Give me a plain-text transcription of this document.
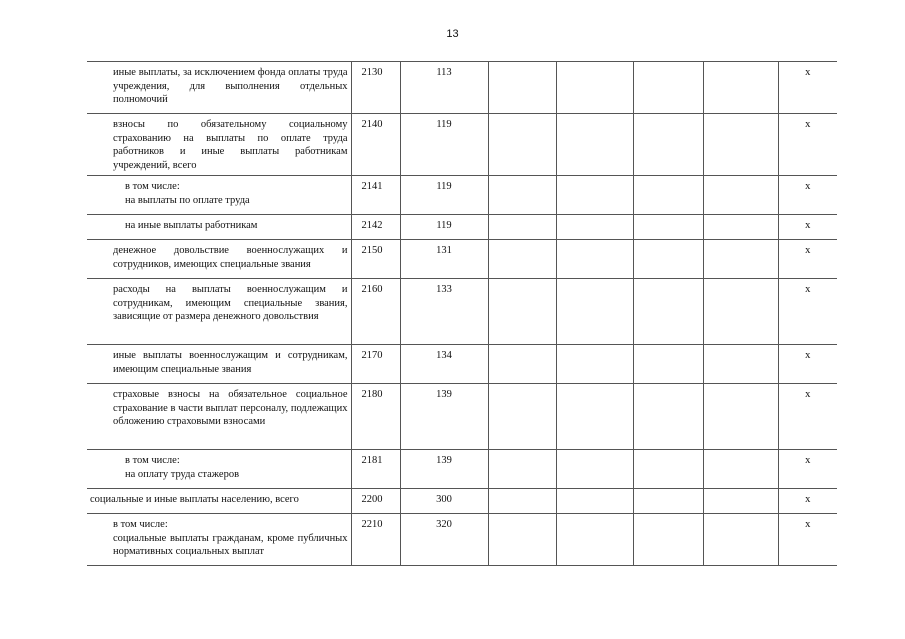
13
иные выплаты, за исключением фонда оплаты труда учреждения, для выполнения отдельных полномочий	2130	113					х

взносы по обязательному социальному страхованию на выплаты по оплате труда работников и иные выплаты работникам учреждений, всего	2140	119					х

в том числе:
на выплаты по оплате труда	2141	119					х

на иные выплаты работникам	2142	119					х

денежное довольствие военнослужащих и сотрудников, имеющих специальные звания	2150	131					х

расходы на выплаты военнослужащим и сотрудникам, имеющим специальные звания, зависящие от размера денежного довольствия	2160	133					х

иные выплаты военнослужащим и сотрудникам, имеющим специальные звания	2170	134					х

страховые взносы на обязательное социальное страхование в части выплат персоналу, подлежащих обложению страховыми взносами	2180	139					х

в том числе:
на оплату труда стажеров	2181	139					х

социальные и иные выплаты населению, всего	2200	300					х

в том числе:
социальные выплаты гражданам, кроме публичных нормативных социальных выплат	2210	320					х
